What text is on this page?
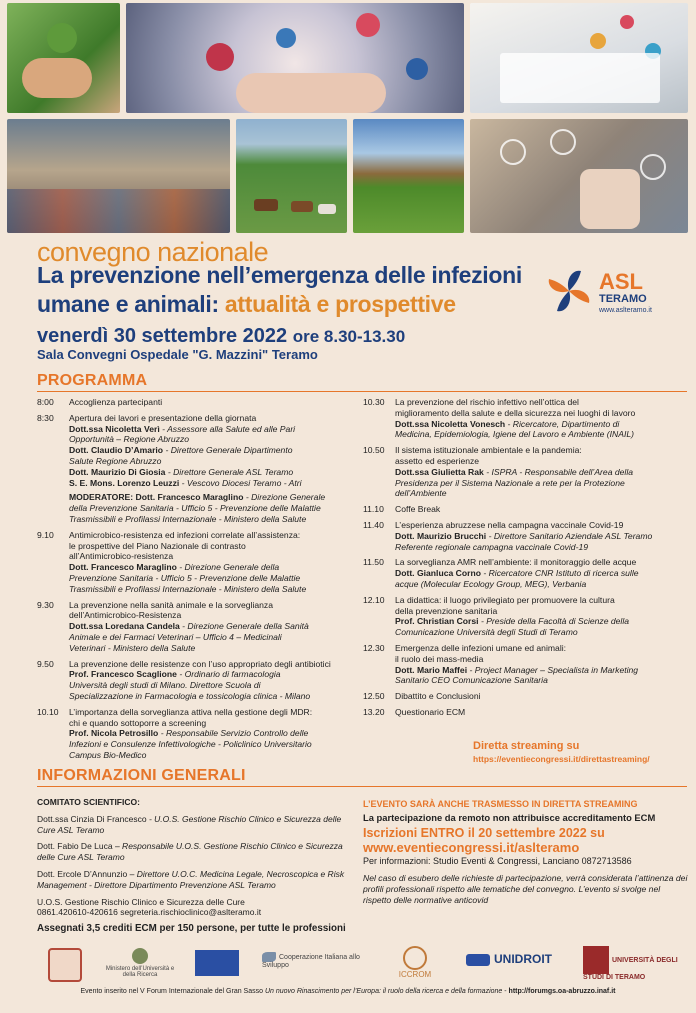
convegno nazionale
La prevenzione nell’emergenza delle infezioni
umane e animali: attualità e prospettive
venerdì 30 settembre 2022 ore 8.30-13.30
Sala Convegni Ospedale "G. Mazzini" Teramo
ASL
TERAMO
www.aslteramo.it
PROGRAMMA
8:00 Accoglienza partecipanti
8:30 Apertura dei lavori e presentazione della giornata
Dott.ssa Nicoletta Verì - Assessore alla Salute ed alle Pari
Opportunità – Regione Abruzzo
Dott. Claudio D’Amario - Direttore Generale Dipartimento
Salute Regione Abruzzo
Dott. Maurizio Di Giosia - Direttore Generale ASL Teramo
S. E. Mons. Lorenzo Leuzzi - Vescovo Diocesi Teramo - Atri
MODERATORE: Dott. Francesco Maraglino - Direzione Generale
della Prevenzione Sanitaria - Ufficio 5 - Prevenzione delle Malattie
Trasmissibili e Profilassi Internazionale - Ministero della Salute
9.10 Antimicrobico-resistenza ed infezioni correlate all’assistenza:
le prospettive del Piano Nazionale di contrasto
all’Antimicrobico-resistenza
Dott. Francesco Maraglino - Direzione Generale della
Prevenzione Sanitaria - Ufficio 5 - Prevenzione delle Malattie
Trasmissibili e Profilassi Internazionale - Ministero della Salute
9.30 La prevenzione nella sanità animale e la sorveglianza
dell’Antimicrobico-Resistenza
Dott.ssa Loredana Candela - Direzione Generale della Sanità
Animale e dei Farmaci Veterinari – Ufficio 4 – Medicinali
Veterinari - Ministero della Salute
9.50 La prevenzione delle resistenze con l’uso appropriato degli antibiotici
Prof. Francesco Scaglione - Ordinario di farmacologia
Università degli studi di Milano. Direttore Scuola di
Specializzazione in Farmacologia e tossicologia clinica - Milano
10.10 L’importanza della sorveglianza attiva nella gestione degli MDR:
chi e quando sottoporre a screening
Prof. Nicola Petrosillo - Responsabile Servizio Controllo delle
Infezioni e Consulenze Infettivologiche - Policlinico Universitario
Campus Bio-Medico
10.30 La prevenzione del rischio infettivo nell’ottica del
miglioramento della salute e della sicurezza nei luoghi di lavoro
Dott.ssa Nicoletta Vonesch - Ricercatore, Dipartimento di
Medicina, Epidemiologia, Igiene del Lavoro e Ambiente (INAIL)
10.50 Il sistema istituzionale ambientale e la pandemia:
assetto ed esperienze
Dott.ssa Giulietta Rak - ISPRA - Responsabile dell’Area della
Presidenza per il Sistema Nazionale a rete per la Protezione
dell’Ambiente
11.10 Coffe Break
11.40 L’esperienza abruzzese nella campagna vaccinale Covid-19
Dott. Maurizio Brucchi - Direttore Sanitario Aziendale ASL Teramo
Referente regionale campagna vaccinale Covid-19
11.50 La sorveglianza AMR nell’ambiente: il monitoraggio delle acque
Dott. Gianluca Corno - Ricercatore CNR Istituto di ricerca sulle
acque (Molecular Ecology Group, MEG), Verbania
12.10 La didattica: il luogo privilegiato per promuovere la cultura
della prevenzione sanitaria
Prof. Christian Corsi - Preside della Facoltà di Scienze della
Comunicazione Università degli Studi di Teramo
12.30 Emergenza delle infezioni umane ed animali:
il ruolo dei mass-media
Dott. Mario Maffei - Project Manager – Specialista in Marketing
Sanitario CEO Comunicazione Sanitaria
12.50 Dibattito e Conclusioni
13.20 Questionario ECM
Diretta streaming su
https://eventiecongressi.it/direttastreaming/
INFORMAZIONI GENERALI
COMITATO SCIENTIFICO:
Dott.ssa Cinzia Di Francesco - U.O.S. Gestione Rischio Clinico e Sicurezza delle Cure ASL Teramo
Dott. Fabio De Luca – Responsabile U.O.S. Gestione Rischio Clinico e Sicurezza delle Cure ASL Teramo
Dott. Ercole D’Annunzio – Direttore U.O.C. Medicina Legale, Necroscopica e Risk Management - Direttore Dipartimento Prevenzione ASL Teramo
U.O.S. Gestione Rischio Clinico e Sicurezza delle Cure
0861.420610-420616 segreteria.rischioclinico@aslteramo.it
Assegnati 3,5 crediti ECM per 150 persone, per tutte le professioni
L’EVENTO SARÀ ANCHE TRASMESSO IN DIRETTA STREAMING
La partecipazione da remoto non attribuisce accreditamento ECM
Iscrizioni ENTRO il 20 settembre 2022 su
www.eventiecongressi.it/aslteramo
Per informazioni: Studio Eventi & Congressi, Lanciano 0872713586
Nel caso di esubero delle richieste di partecipazione, verrà considerata l’attinenza dei profili professionali rispetto alle tematiche del convegno. L’evento si svolge nel rispetto delle normative anticovid
Ministero dell’Università e della Ricerca
Cooperazione Italiana allo Sviluppo
ICCROM
UNIDROIT	UNIVERSITÀ DEGLI STUDI DI TERAMO
Evento inserito nel V Forum Internazionale del Gran Sasso Un nuovo Rinascimento per l’Europa: il ruolo della ricerca e della formazione - http://forumgs.oa-abruzzo.inaf.it
